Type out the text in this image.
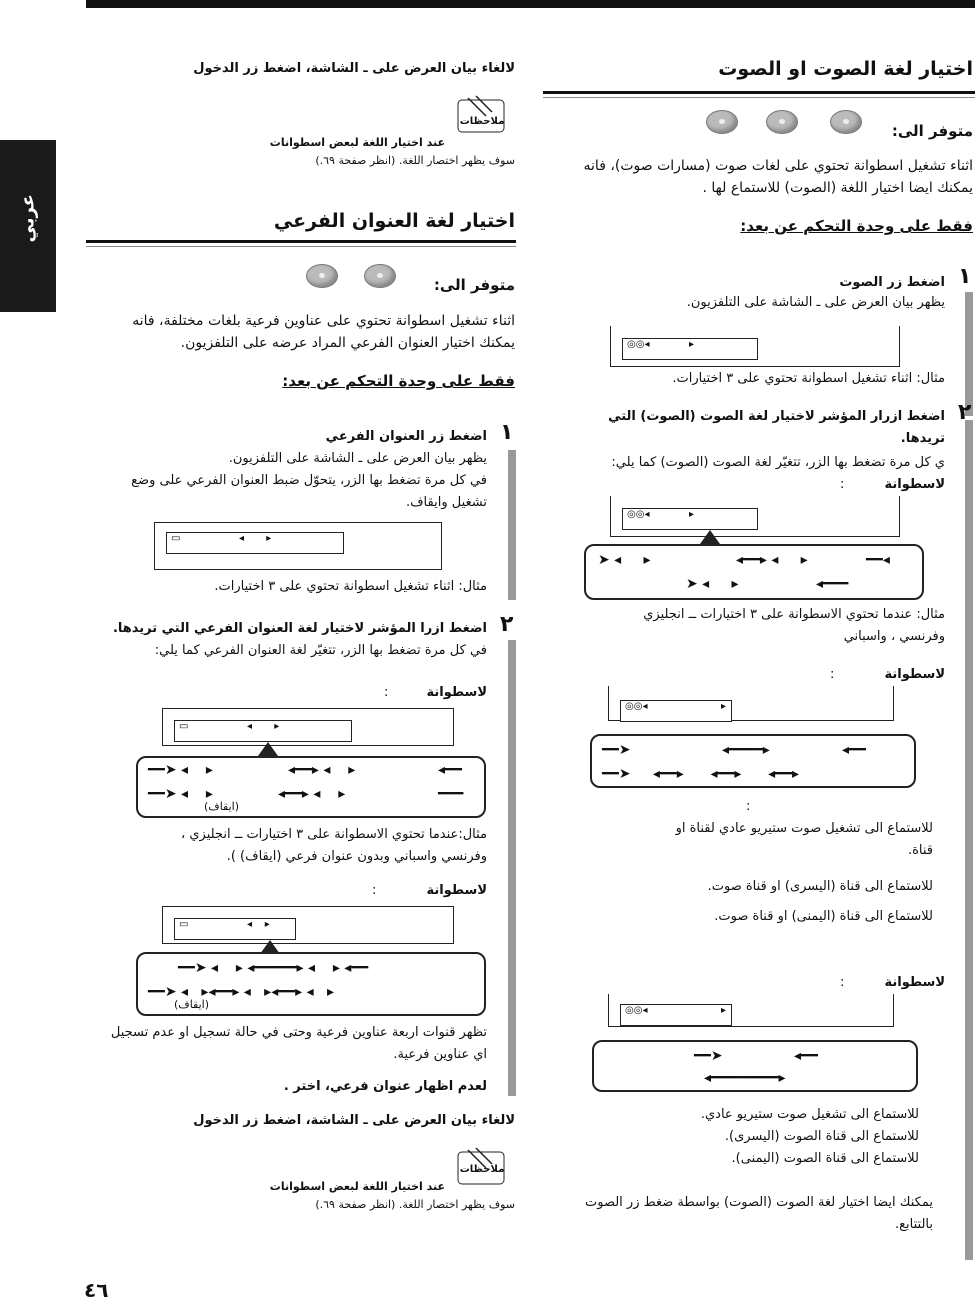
عربي
اختيار لغة الصوت او الصوت
متوفر الى:
اثناء تشغيل اسطوانة تحتوي على لغات صوت (مسارات صوت)، فانه
يمكنك ايضا اختيار اللغة (الصوت) للاستماع لها .
فقط على وحدة التحكم عن بعد:
١
اضغط زر الصوت
يظهر بيان العرض على ـ الشاشة على التلفزيون.
◎◎◂	▸
مثال: اثناء تشغيل اسطوانة تحتوي على ٣ اختيارات.
٢
اضغط ازرار المؤشر لاختيار لغة الصوت (الصوت) التي
تريدها.
ي كل مرة تضغط بها الزر، تتغيّر لغة الصوت (الصوت) كما يلي:
لاسطوانة
:
◎◎◂	▸
➤ ◂     ▸	◂━━▸ ◂     ▸	━━◂
➤ ◂     ▸	◂━━━
مثال: عندما تحتوي الاسطوانة على ٣ اختيارات ــ انجليزي
وفرنسي ، واسباني
لاسطوانة
:
◎◎◂	▸
━━➤	◂━━━━▸	◂━━
━━➤     ◂━━▸      ◂━━▸      ◂━━▸
:
للاستماع الى تشغيل صوت ستيريو عادي لقناة او
قناة.
للاستماع الى قناة (اليسرى) او قناة صوت.
للاستماع الى قناة (اليمنى) او قناة صوت.
لاسطوانة
:
◎◎◂	▸
━━➤	◂━━
◂━━━━━━━━▸
للاستماع الى تشغيل صوت ستيريو عادي.
للاستماع الى قناة الصوت (اليسرى).
للاستماع الى قناة الصوت (اليمنى).
يمكنك ايضا اختيار لغة الصوت (الصوت) بواسطة ضغط زر الصوت
بالتتابع.
لالغاء بيان العرض على ـ الشاشة، اضغط زر الدخول
ملاحظات
عند اختيار اللغة لبعض اسطوانات
سوف يظهر اختصار اللغة. (انظر صفحة ٦٩.)
اختيار لغة العنوان الفرعي
متوفر الى:
اثناء تشغيل اسطوانة تحتوي على عناوين فرعية بلغات مختلفة، فانه
يمكنك اختيار العنوان الفرعي المراد عرضه على التلفزيون.
فقط على وحدة التحكم عن بعد:
١
اضغط زر العنوان الفرعي
يظهر بيان العرض على ـ الشاشة على التلفزيون.
في كل مرة تضغط بها الزر، يتحوّل ضبط العنوان الفرعي على وضع
تشغيل وايقاف.
▭	◂       ▸
مثال: اثناء تشغيل اسطوانة تحتوي على ٣ اختيارات.
٢
اضغط ازرا المؤشر لاختيار لغة العنوان الفرعي التي تريدها.
في كل مرة تضغط بها الزر، تتغيّر لغة العنوان الفرعي كما يلي:
لاسطوانة
:
▭	◂       ▸
━━➤ ◂    ▸	◂━━▸ ◂    ▸	◂━━
━━➤ ◂    ▸	◂━━▸ ◂    ▸	━━━
(ايقاف)
مثال:عندما تحتوي الاسطوانة على ٣ اختيارات ــ انجليزي ،
وفرنسي واسباني وبدون عنوان فرعي (ايقاف) ).
لاسطوانة
:
▭	◂    ▸
━━➤ ◂    ▸ ◂━━━━━▸ ◂    ▸ ◂━━
━━➤ ◂   ▸◂━━▸ ◂   ▸◂━━▸ ◂   ▸
(ايقاف)
تظهر قنوات اربعة عناوين فرعية وحتى في حالة تسجيل او عدم تسجيل
اي عناوين فرعية.
لعدم اظهار عنوان فرعي، اختر .
لالغاء بيان العرض على ـ الشاشة، اضغط زر الدخول
ملاحظات
عند اختيار اللغة لبعض اسطوانات
سوف يظهر اختصار اللغة. (انظر صفحة ٦٩.)
٤٦
